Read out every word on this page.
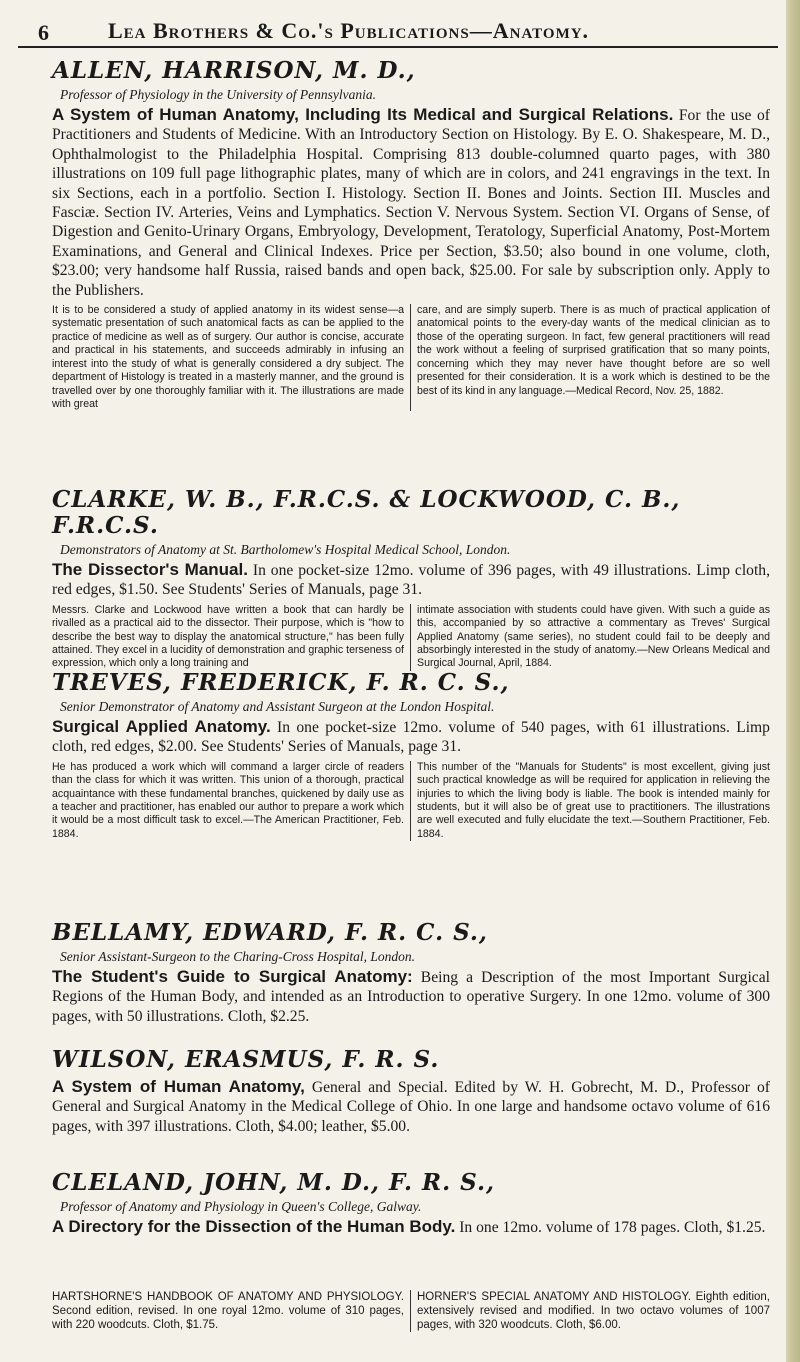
6	Lea Brothers & Co.'s Publications—Anatomy.

ALLEN, HARRISON, M. D.,

Professor of Physiology in the University of Pennsylvania.

A System of Human Anatomy, Including Its Medical and Surgical Relations. For the use of Practitioners and Students of Medicine. With an Introductory Section on Histology. By E. O. Shakespeare, M. D., Ophthalmologist to the Philadelphia Hospital. Comprising 813 double-columned quarto pages, with 380 illustrations on 109 full page lithographic plates, many of which are in colors, and 241 engravings in the text. In six Sections, each in a portfolio. Section I. Histology. Section II. Bones and Joints. Section III. Muscles and Fasciæ. Section IV. Arteries, Veins and Lymphatics. Section V. Nervous System. Section VI. Organs of Sense, of Digestion and Genito-Urinary Organs, Embryology, Development, Teratology, Superficial Anatomy, Post-Mortem Examinations, and General and Clinical Indexes. Price per Section, $3.50; also bound in one volume, cloth, $23.00; very handsome half Russia, raised bands and open back, $25.00. For sale by subscription only. Apply to the Publishers.

It is to be considered a study of applied anatomy in its widest sense—a systematic presentation of such anatomical facts as can be applied to the practice of medicine as well as of surgery. Our author is concise, accurate and practical in his statements, and succeeds admirably in infusing an interest into the study of what is generally considered a dry subject. The department of Histology is treated in a masterly manner, and the ground is travelled over by one thoroughly familiar with it. The illustrations are made with great
care, and are simply superb. There is as much of practical application of anatomical points to the every-day wants of the medical clinician as to those of the operating surgeon. In fact, few general practitioners will read the work without a feeling of surprised gratification that so many points, concerning which they may never have thought before are so well presented for their consideration. It is a work which is destined to be the best of its kind in any language.—Medical Record, Nov. 25, 1882.

CLARKE, W. B., F.R.C.S. & LOCKWOOD, C. B., F.R.C.S.

Demonstrators of Anatomy at St. Bartholomew's Hospital Medical School, London.

The Dissector's Manual. In one pocket-size 12mo. volume of 396 pages, with 49 illustrations. Limp cloth, red edges, $1.50. See Students' Series of Manuals, page 31.

Messrs. Clarke and Lockwood have written a book that can hardly be rivalled as a practical aid to the dissector. Their purpose, which is "how to describe the best way to display the anatomical structure," has been fully attained. They excel in a lucidity of demonstration and graphic terseness of expression, which only a long training and
intimate association with students could have given. With such a guide as this, accompanied by so attractive a commentary as Treves' Surgical Applied Anatomy (same series), no student could fail to be deeply and absorbingly interested in the study of anatomy.—New Orleans Medical and Surgical Journal, April, 1884.

TREVES, FREDERICK, F. R. C. S.,

Senior Demonstrator of Anatomy and Assistant Surgeon at the London Hospital.

Surgical Applied Anatomy. In one pocket-size 12mo. volume of 540 pages, with 61 illustrations. Limp cloth, red edges, $2.00. See Students' Series of Manuals, page 31.

He has produced a work which will command a larger circle of readers than the class for which it was written. This union of a thorough, practical acquaintance with these fundamental branches, quickened by daily use as a teacher and practitioner, has enabled our author to prepare a work which it would be a most difficult task to excel.—The American Practitioner, Feb. 1884.
This number of the "Manuals for Students" is most excellent, giving just such practical knowledge as will be required for application in relieving the injuries to which the living body is liable. The book is intended mainly for students, but it will also be of great use to practitioners. The illustrations are well executed and fully elucidate the text.—Southern Practitioner, Feb. 1884.

BELLAMY, EDWARD, F. R. C. S.,

Senior Assistant-Surgeon to the Charing-Cross Hospital, London.

The Student's Guide to Surgical Anatomy: Being a Description of the most Important Surgical Regions of the Human Body, and intended as an Introduction to operative Surgery. In one 12mo. volume of 300 pages, with 50 illustrations. Cloth, $2.25.

WILSON, ERASMUS, F. R. S.

A System of Human Anatomy, General and Special. Edited by W. H. Gobrecht, M. D., Professor of General and Surgical Anatomy in the Medical College of Ohio. In one large and handsome octavo volume of 616 pages, with 397 illustrations. Cloth, $4.00; leather, $5.00.

CLELAND, JOHN, M. D., F. R. S.,

Professor of Anatomy and Physiology in Queen's College, Galway.

A Directory for the Dissection of the Human Body. In one 12mo. volume of 178 pages. Cloth, $1.25.

HARTSHORNE'S HANDBOOK OF ANATOMY AND PHYSIOLOGY. Second edition, revised. In one royal 12mo. volume of 310 pages, with 220 woodcuts. Cloth, $1.75.
HORNER'S SPECIAL ANATOMY AND HISTOLOGY. Eighth edition, extensively revised and modified. In two octavo volumes of 1007 pages, with 320 woodcuts. Cloth, $6.00.
